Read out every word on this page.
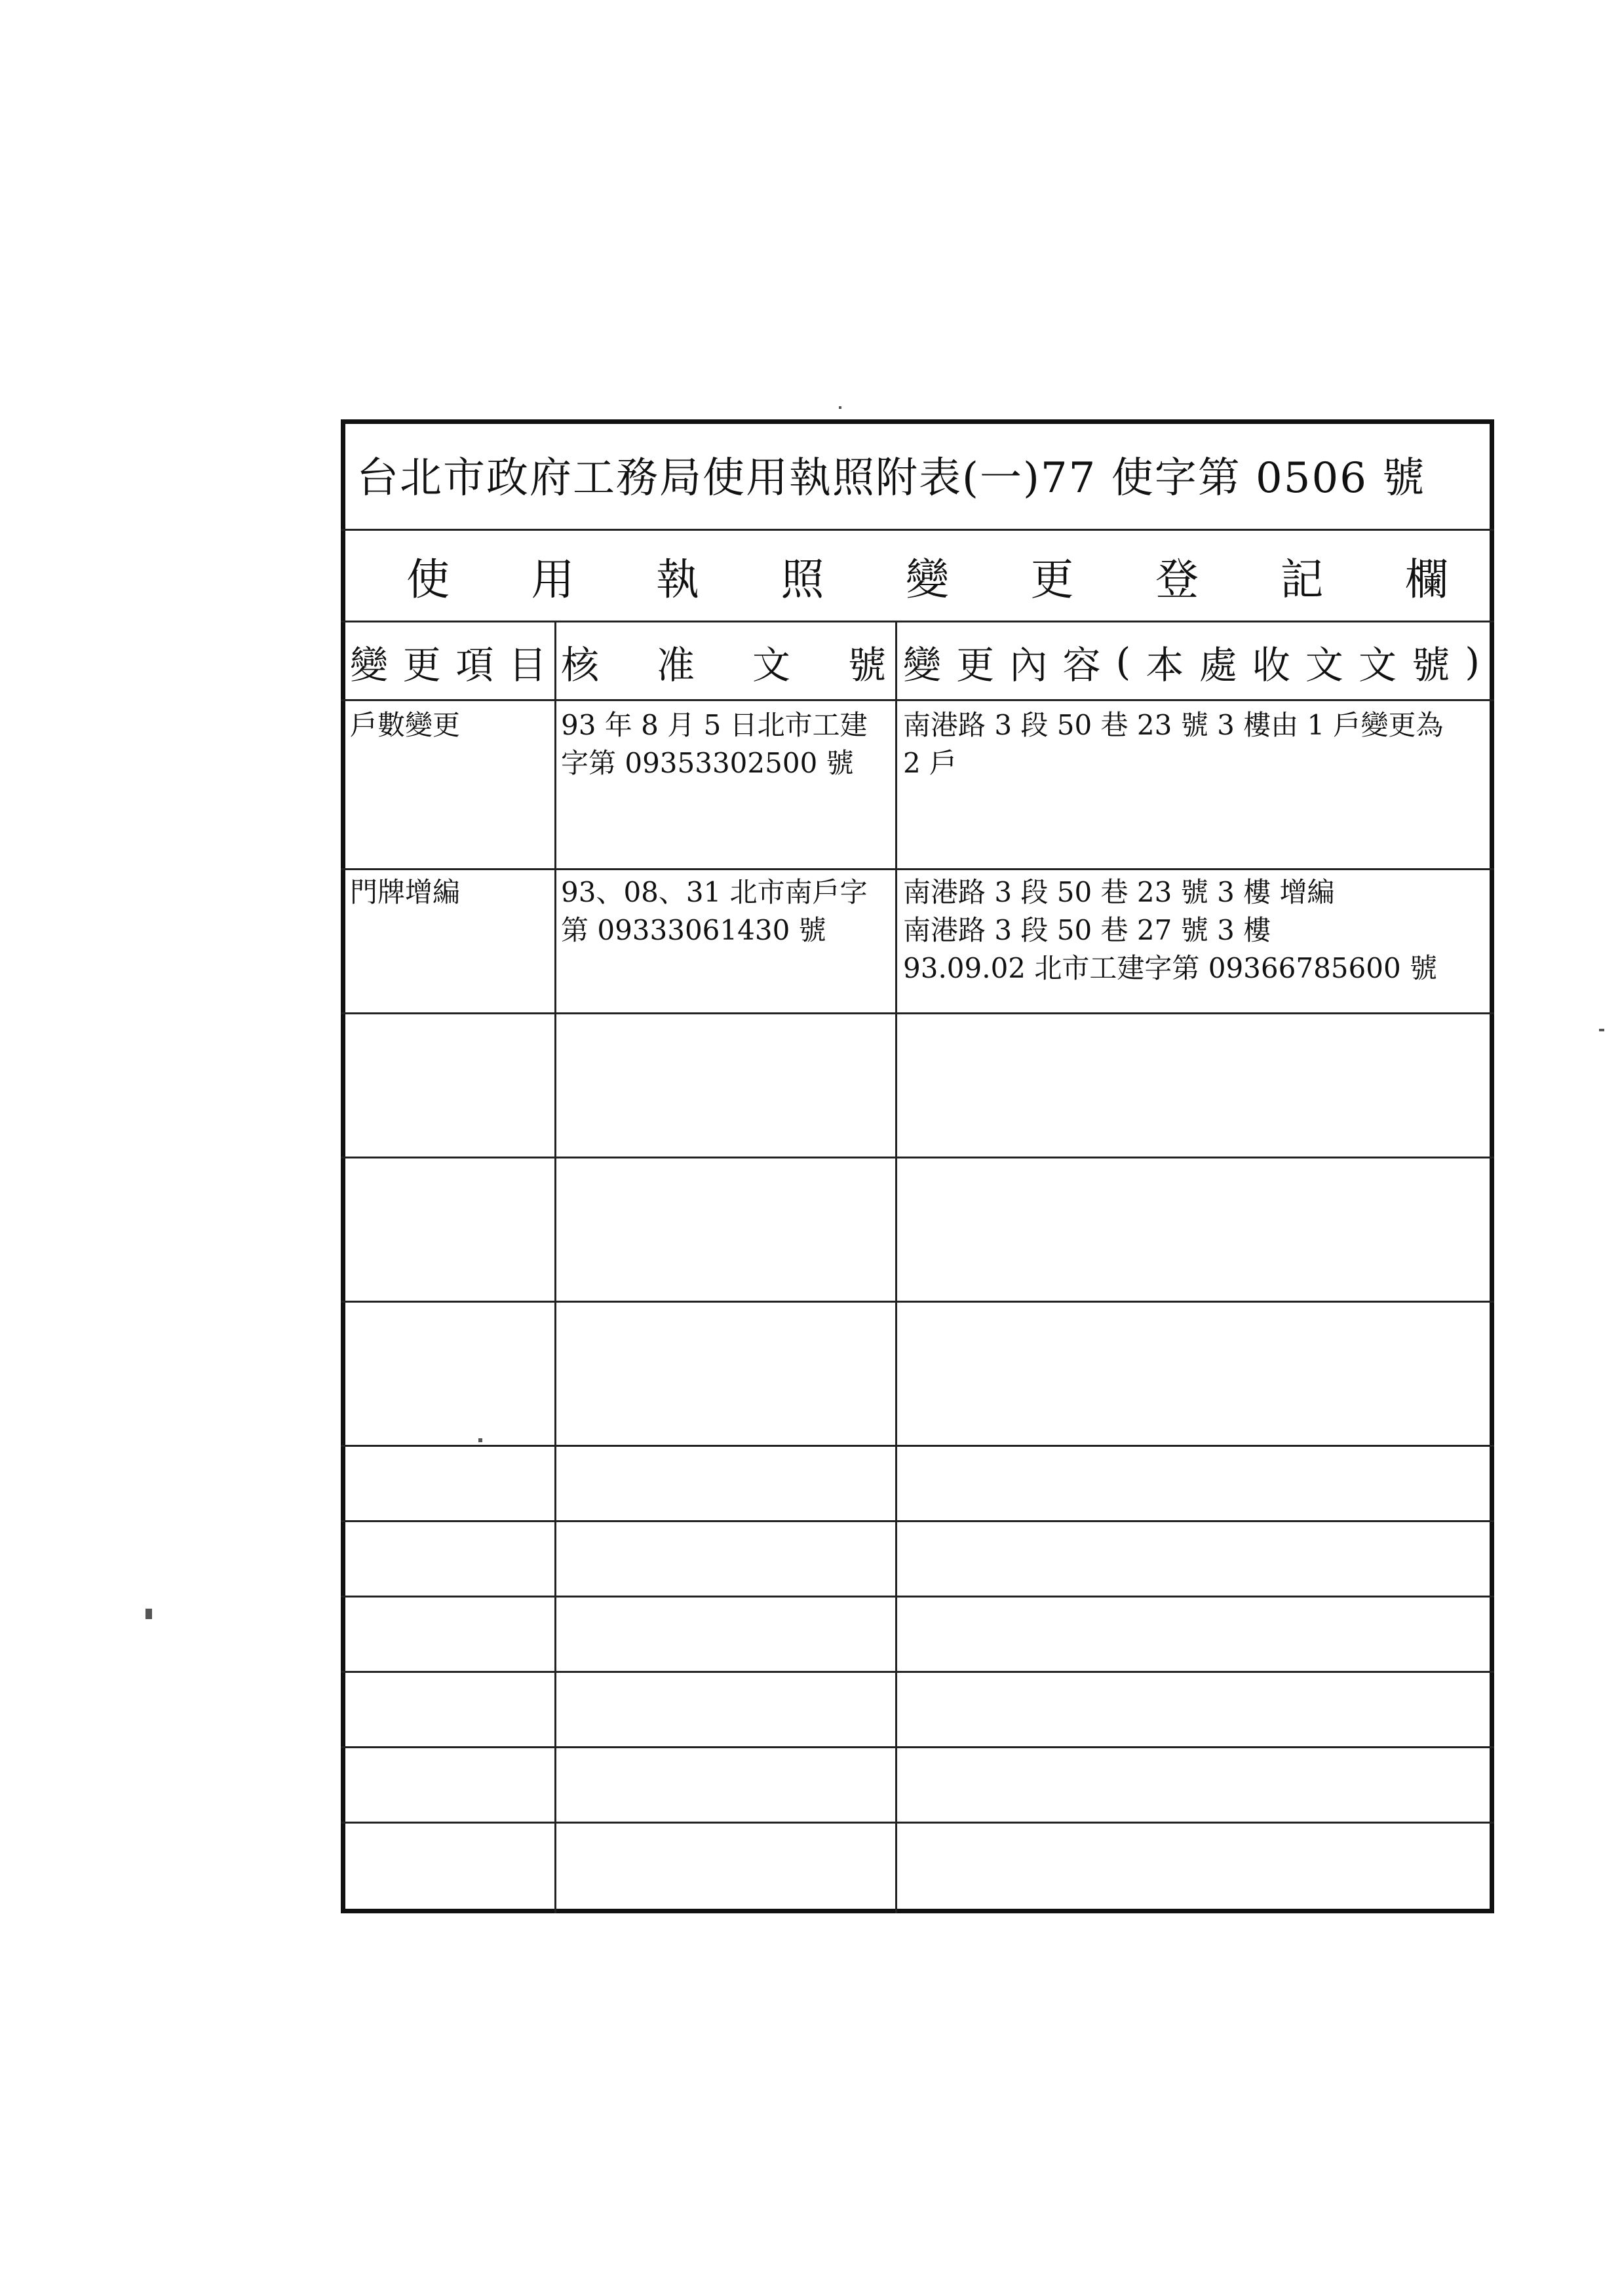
台北市政府工務局使用執照附表(一)77 使字第 0506 號
使 用 執 照 變 更 登 記 欄
變 更 項 目 核 准 文 號 變 更 內 容 ( 本 處 收 文 文 號 )
戶數變更	93 年 8 月 5 日北市工建
字第 09353302500 號
南港路 3 段 50 巷 23 號 3 樓由 1 戶變更為
2 戶
門牌增編	93、08、31 北市南戶字
第 09333061430 號
南港路 3 段 50 巷 23 號 3 樓 增編
南港路 3 段 50 巷 27 號 3 樓
93.09.02 北市工建字第 09366785600 號
